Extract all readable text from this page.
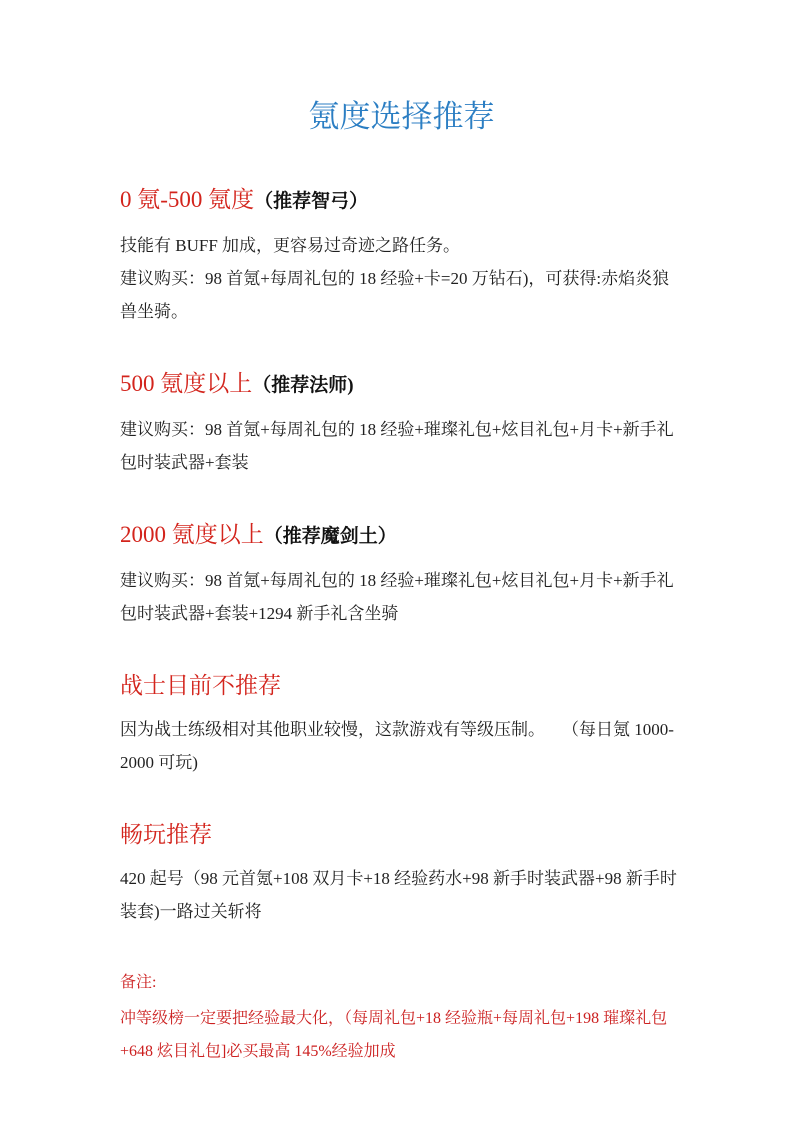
氪度选择推荐
0 氪-500 氪度（推荐智弓）

技能有 BUFF 加成，更容易过奇迹之路任务。

建议购买：98 首氪+每周礼包的 18 经验+卡=20 万钻石)，可获得:赤焰炎狼兽坐骑。

500 氪度以上（推荐法师)

建议购买：98 首氪+每周礼包的 18 经验+璀璨礼包+炫目礼包+月卡+新手礼包时装武器+套装

2000 氪度以上（推荐魔剑土）

建议购买：98 首氪+每周礼包的 18 经验+璀璨礼包+炫目礼包+月卡+新手礼包时装武器+套装+1294 新手礼含坐骑

战士目前不推荐

因为战士练级相对其他职业较慢，这款游戏有等级压制。　　（每日氪 1000-2000 可玩)

畅玩推荐

420 起号（98 元首氪+108 双月卡+18 经验药水+98 新手时装武器+98 新手时装套)一路过关斩将

备注:

冲等级榜一定要把经验最大化，（每周礼包+18 经验瓶+每周礼包+198 璀璨礼包+648 炫目礼包]必买最高 145%经验加成
